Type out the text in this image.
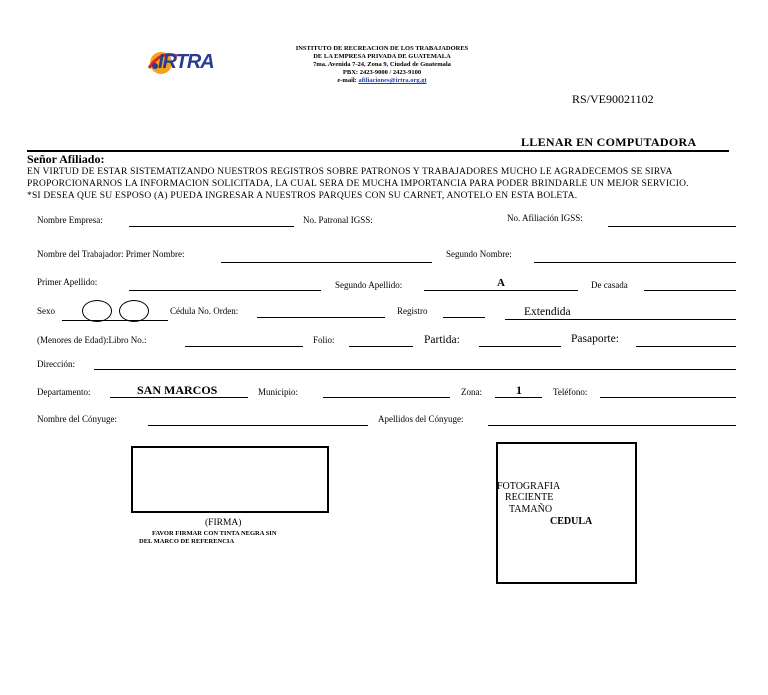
IRTRA
INSTITUTO DE RECREACION DE LOS TRABAJADORES
DE LA EMPRESA PRIVADA DE GUATEMALA
7ma. Avenida 7-24, Zona 9, Ciudad de Guatemala
PBX: 2423-9000 / 2423-9100
e-mail: afiliaciones@irtra.org.gt
RS/VE90021102
LLENAR EN COMPUTADORA
Señor Afiliado:
EN VIRTUD DE ESTAR SISTEMATIZANDO NUESTROS REGISTROS SOBRE PATRONOS Y TRABAJADORES MUCHO LE AGRADECEMOS SE SIRVA PROPORCIONARNOS LA INFORMACION SOLICITADA, LA CUAL SERA DE MUCHA IMPORTANCIA PARA PODER BRINDARLE UN MEJOR SERVICIO.
*SI DESEA QUE SU ESPOSO (A) PUEDA INGRESAR A NUESTROS PARQUES CON SU CARNET, ANOTELO EN ESTA BOLETA.
Nombre Empresa:	No. Patronal IGSS:	No. Afiliación IGSS:
Nombre del Trabajador: Primer Nombre:	Segundo Nombre:
Primer Apellido:	Segundo Apellido:	A	De casada
Sexo	Cédula No. Orden:	Registro	Extendida
(Menores de Edad):Libro No.:	Folio:	Partida:	Pasaporte:
Dirección:
Departamento:	SAN MARCOS	Municipio:	Zona:	1	Teléfono:
Nombre del Cónyuge:	Apellidos del Cónyuge:
(FIRMA)
FAVOR FIRMAR CON TINTA NEGRA SIN
DEL MARCO DE REFERENCIA
FOTOGRAFIA
RECIENTE
TAMAÑO
CEDULA
